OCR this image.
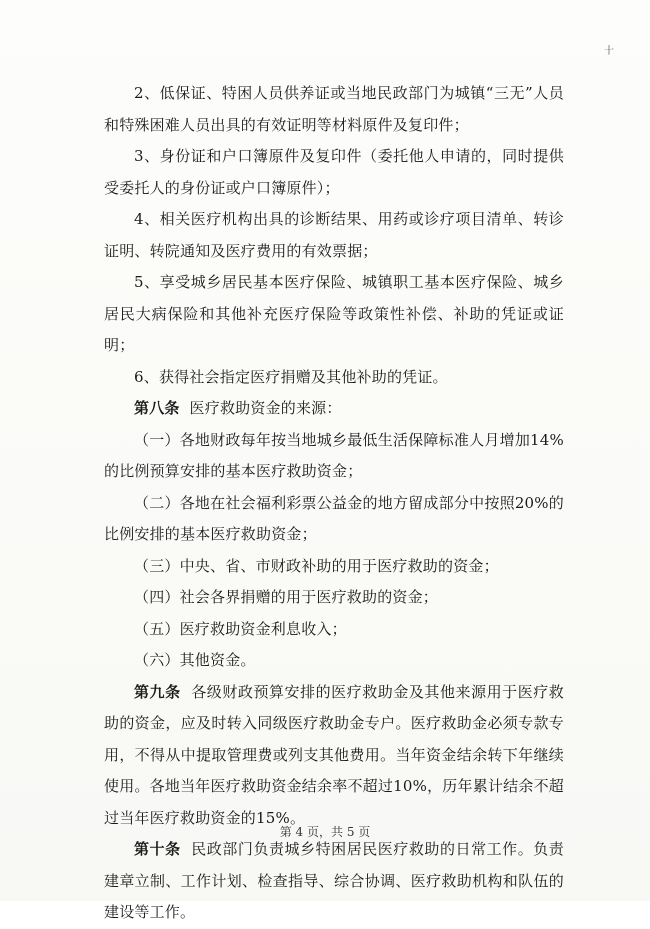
十

2、低保证、特困人员供养证或当地民政部门为城镇“三无”人员和特殊困难人员出具的有效证明等材料原件及复印件；

3、身份证和户口簿原件及复印件（委托他人申请的，同时提供受委托人的身份证或户口簿原件）；

4、相关医疗机构出具的诊断结果、用药或诊疗项目清单、转诊证明、转院通知及医疗费用的有效票据；

5、享受城乡居民基本医疗保险、城镇职工基本医疗保险、城乡居民大病保险和其他补充医疗保险等政策性补偿、补助的凭证或证明；

6、获得社会指定医疗捐赠及其他补助的凭证。

第八条 医疗救助资金的来源：

（一）各地财政每年按当地城乡最低生活保障标准人月增加14%的比例预算安排的基本医疗救助资金；

（二）各地在社会福利彩票公益金的地方留成部分中按照20%的比例安排的基本医疗救助资金；

（三）中央、省、市财政补助的用于医疗救助的资金；

（四）社会各界捐赠的用于医疗救助的资金；

（五）医疗救助资金利息收入；

（六）其他资金。

第九条 各级财政预算安排的医疗救助金及其他来源用于医疗救助的资金，应及时转入同级医疗救助金专户。医疗救助金必须专款专用，不得从中提取管理费或列支其他费用。当年资金结余转下年继续使用。各地当年医疗救助资金结余率不超过10%，历年累计结余不超过当年医疗救助资金的15%。

第十条 民政部门负责城乡特困居民医疗救助的日常工作。负责建章立制、工作计划、检查指导、综合协调、医疗救助机构和队伍的建设等工作。

第 4 页，共 5 页
